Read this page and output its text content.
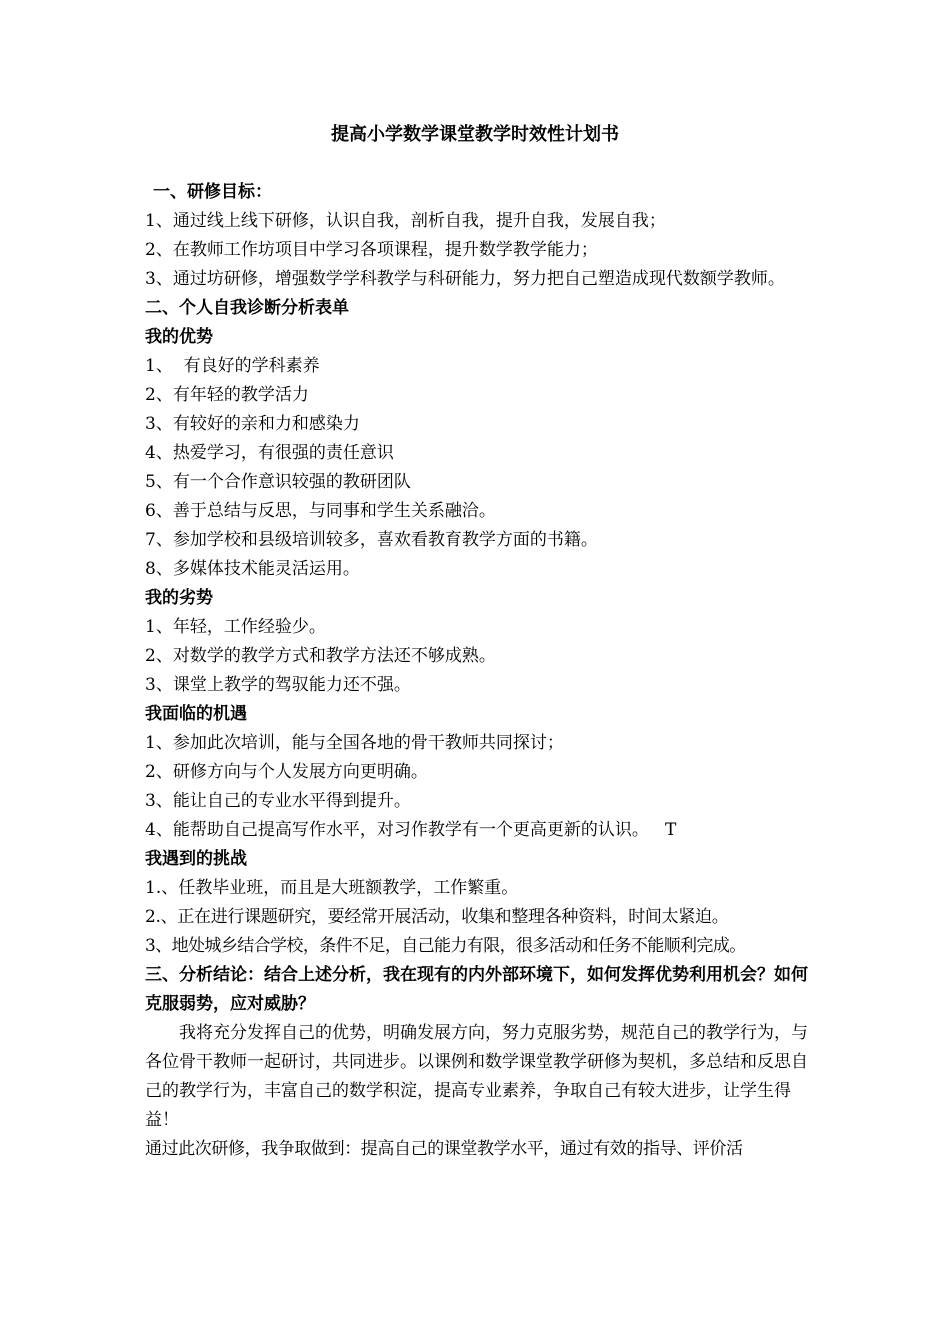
提高小学数学课堂教学时效性计划书
一、研修目标：
1、通过线上线下研修，认识自我，剖析自我，提升自我，发展自我；
2、在教师工作坊项目中学习各项课程，提升数学教学能力；
3、通过坊研修，增强数学学科教学与科研能力，努力把自己塑造成现代数额学教师。
二、个人自我诊断分析表单
我的优势
1、  有良好的学科素养
2、有年轻的教学活力
3、有较好的亲和力和感染力
4、热爱学习，有很强的责任意识
5、有一个合作意识较强的教研团队
6、善于总结与反思，与同事和学生关系融洽。
7、参加学校和县级培训较多，喜欢看教育教学方面的书籍。
8、多媒体技术能灵活运用。
我的劣势
1、年轻，工作经验少。
2、对数学的教学方式和教学方法还不够成熟。
3、课堂上教学的驾驭能力还不强。
我面临的机遇
1、参加此次培训，能与全国各地的骨干教师共同探讨；
2、研修方向与个人发展方向更明确。
3、能让自己的专业水平得到提升。
4、能帮助自己提高写作水平，对习作教学有一个更高更新的认识。   T
我遇到的挑战
1.、任教毕业班，而且是大班额教学，工作繁重。
2.、正在进行课题研究，要经常开展活动，收集和整理各种资料，时间太紧迫。
3、地处城乡结合学校，条件不足，自己能力有限，很多活动和任务不能顺利完成。
三、分析结论：结合上述分析，我在现有的内外部环境下，如何发挥优势利用机会？如何克服弱势，应对威胁？
我将充分发挥自己的优势，明确发展方向，努力克服劣势，规范自己的教学行为，与各位骨干教师一起研讨，共同进步。以课例和数学课堂教学研修为契机，多总结和反思自己的教学行为，丰富自己的数学积淀，提高专业素养，争取自己有较大进步，让学生得益！
通过此次研修，我争取做到：提高自己的课堂教学水平，通过有效的指导、评价活
